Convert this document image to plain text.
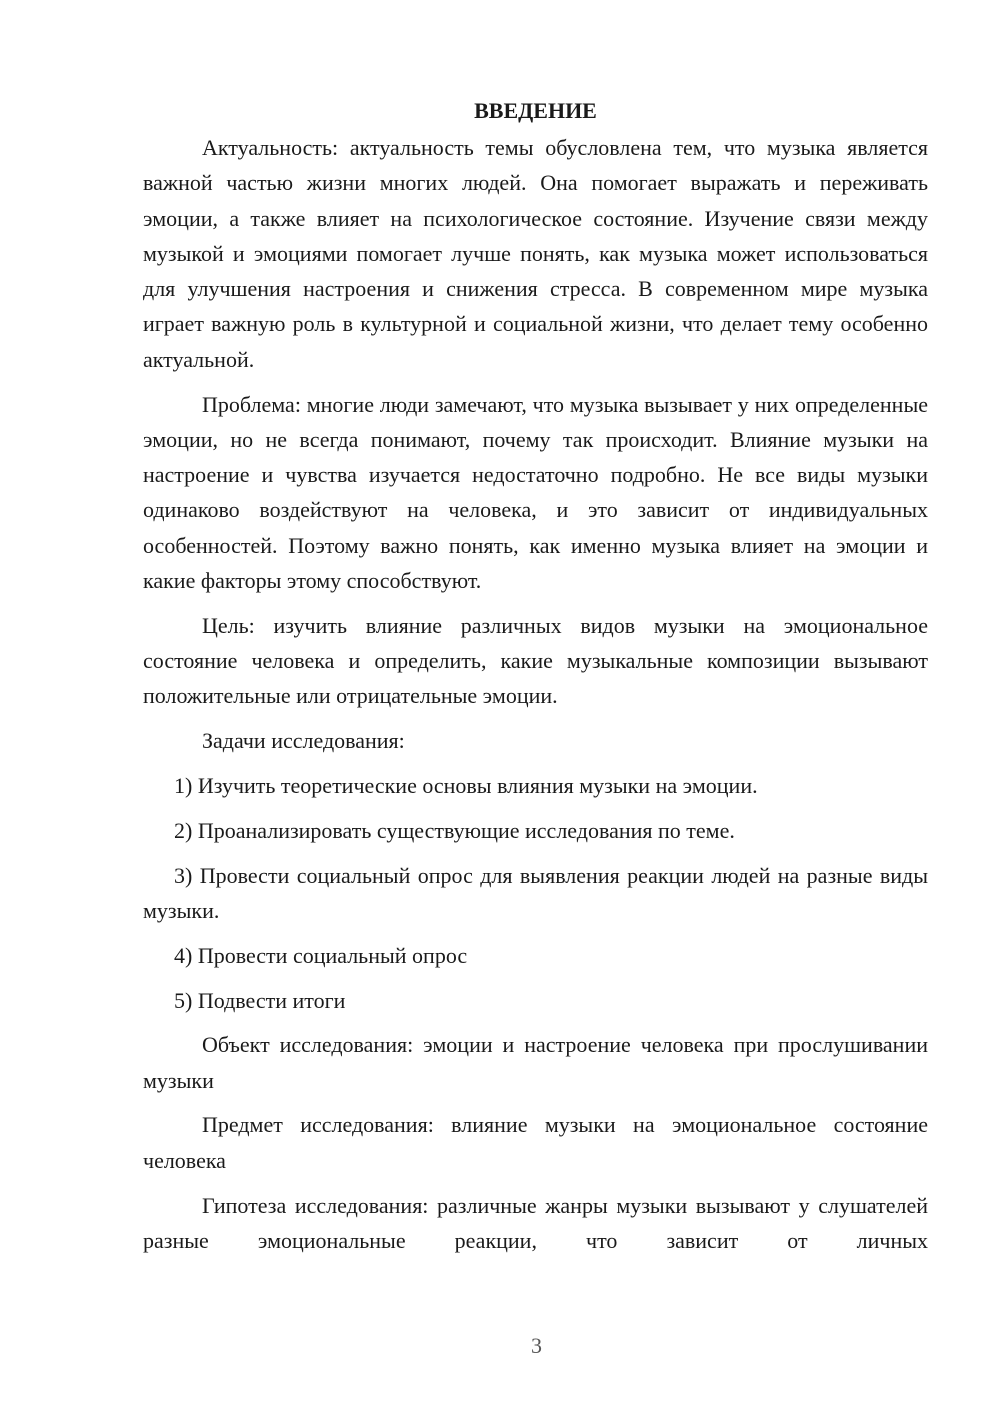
ВВЕДЕНИЕ

Актуальность: актуальность темы обусловлена тем, что музыка является важной частью жизни многих людей. Она помогает выражать и переживать эмоции, а также влияет на психологическое состояние. Изучение связи между музыкой и эмоциями помогает лучше понять, как музыка может использоваться для улучшения настроения и снижения стресса. В современном мире музыка играет важную роль в культурной и социальной жизни, что делает тему особенно актуальной.

Проблема: многие люди замечают, что музыка вызывает у них определенные эмоции, но не всегда понимают, почему так происходит. Влияние музыки на настроение и чувства изучается недостаточно подробно. Не все виды музыки одинаково воздействуют на человека, и это зависит от индивидуальных особенностей. Поэтому важно понять, как именно музыка влияет на эмоции и какие факторы этому способствуют.

Цель: изучить влияние различных видов музыки на эмоциональное состояние человека и определить, какие музыкальные композиции вызывают положительные или отрицательные эмоции.

Задачи исследования:

1) Изучить теоретические основы влияния музыки на эмоции.

2) Проанализировать существующие исследования по теме.

3) Провести социальный опрос для выявления реакции людей на разные виды музыки.

4) Провести социальный опрос

5) Подвести итоги

Объект исследования: эмоции и настроение человека при прослушивании музыки

Предмет исследования: влияние музыки на эмоциональное состояние человека

Гипотеза исследования: различные жанры музыки вызывают у слушателей разные эмоциональные реакции, что зависит от личных

3
